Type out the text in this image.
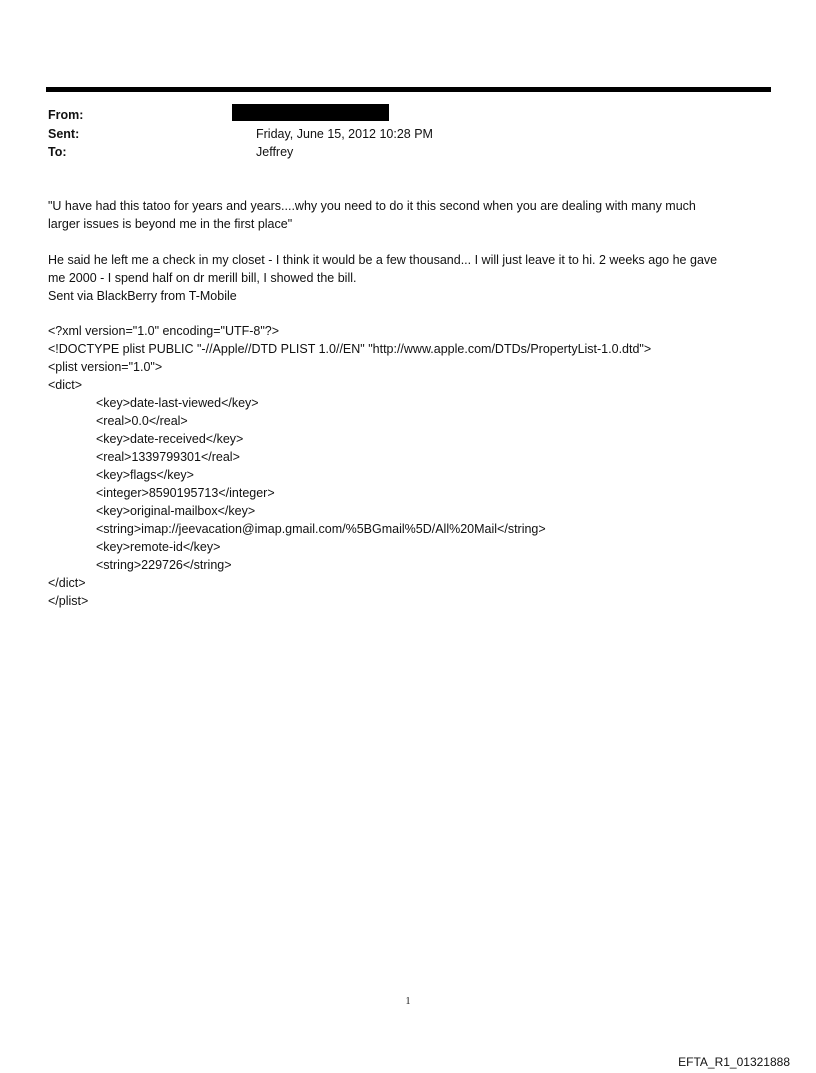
From:
Sent:	Friday, June 15, 2012 10:28 PM
To:	Jeffrey
"U have had this tatoo for years and years....why you need to do it this second when you are dealing with many much
larger issues is beyond me in the first place"
He said he left me a check in my closet - I think it would be a few thousand... I will just leave it to hi. 2 weeks ago he gave
me 2000 - I spend half on dr merill bill, I showed the bill.
Sent via BlackBerry from T-Mobile
<?xml version="1.0" encoding="UTF-8"?>
<!DOCTYPE plist PUBLIC "-//Apple//DTD PLIST 1.0//EN" "http://www.apple.com/DTDs/PropertyList-1.0.dtd">
<plist version="1.0">
<dict>
<key>date-last-viewed</key>
<real>0.0</real>
<key>date-received</key>
<real>1339799301</real>
<key>flags</key>
<integer>8590195713</integer>
<key>original-mailbox</key>
<string>imap://jeevacation@imap.gmail.com/%5BGmail%5D/All%20Mail</string>
<key>remote-id</key>
<string>229726</string>
</dict>
</plist>
1
EFTA_R1_01321888
